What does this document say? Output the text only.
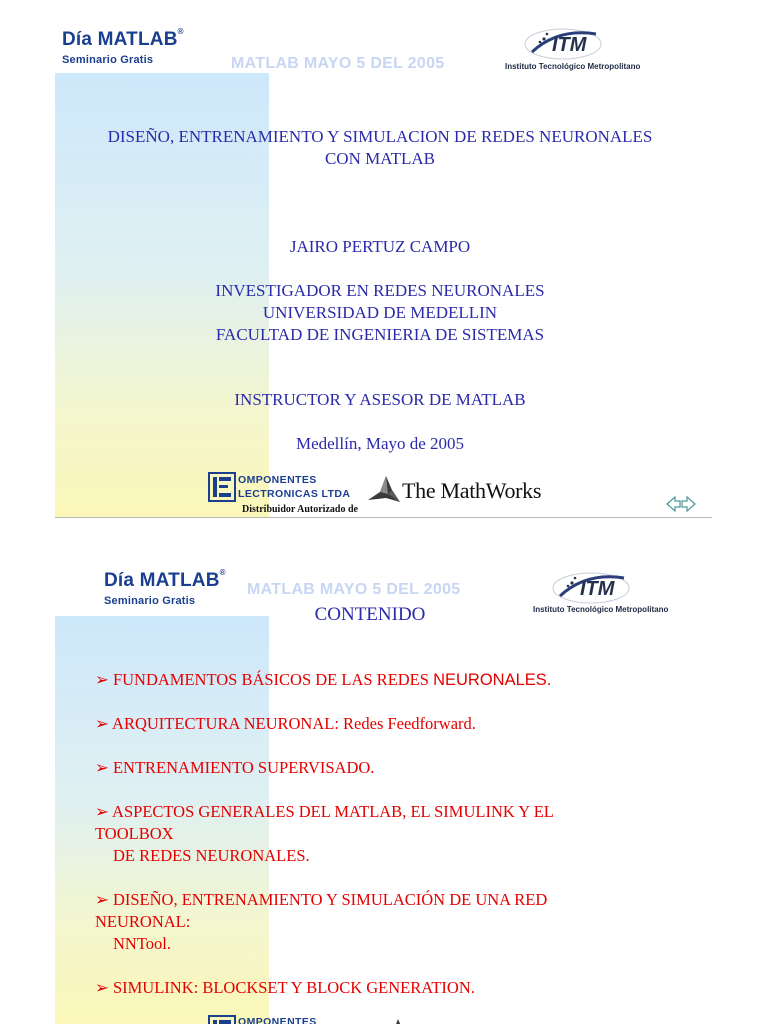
Día MATLAB®
Seminario Gratis	MATLAB MAYO 5 DEL 2005
ITM
Instituto Tecnológico Metropolitano
DISEÑO, ENTRENAMIENTO Y SIMULACION DE REDES NEURONALES
CON MATLAB
JAIRO PERTUZ CAMPO
INVESTIGADOR EN REDES NEURONALES
UNIVERSIDAD DE MEDELLIN
FACULTAD DE INGENIERIA DE SISTEMAS
INSTRUCTOR Y ASESOR DE MATLAB
Medellín, Mayo de 2005
OMPONENTES
LECTRONICAS LTDA
Distribuidor Autorizado de
The MathWorks
Día MATLAB®
Seminario Gratis
MATLAB MAYO 5 DEL 2005
CONTENIDO
ITM
Instituto Tecnológico Metropolitano
➢ FUNDAMENTOS BÁSICOS DE LAS REDES NEURONALES.
➢ ARQUITECTURA NEURONAL: Redes Feedforward.
➢ ENTRENAMIENTO SUPERVISADO.
➢ ASPECTOS GENERALES DEL MATLAB, EL SIMULINK Y EL
TOOLBOX
DE REDES NEURONALES.
➢ DISEÑO, ENTRENAMIENTO Y SIMULACIÓN DE UNA RED
NEURONAL:
NNTool.
➢ SIMULINK: BLOCKSET Y BLOCK GENERATION.
OMPONENTES
